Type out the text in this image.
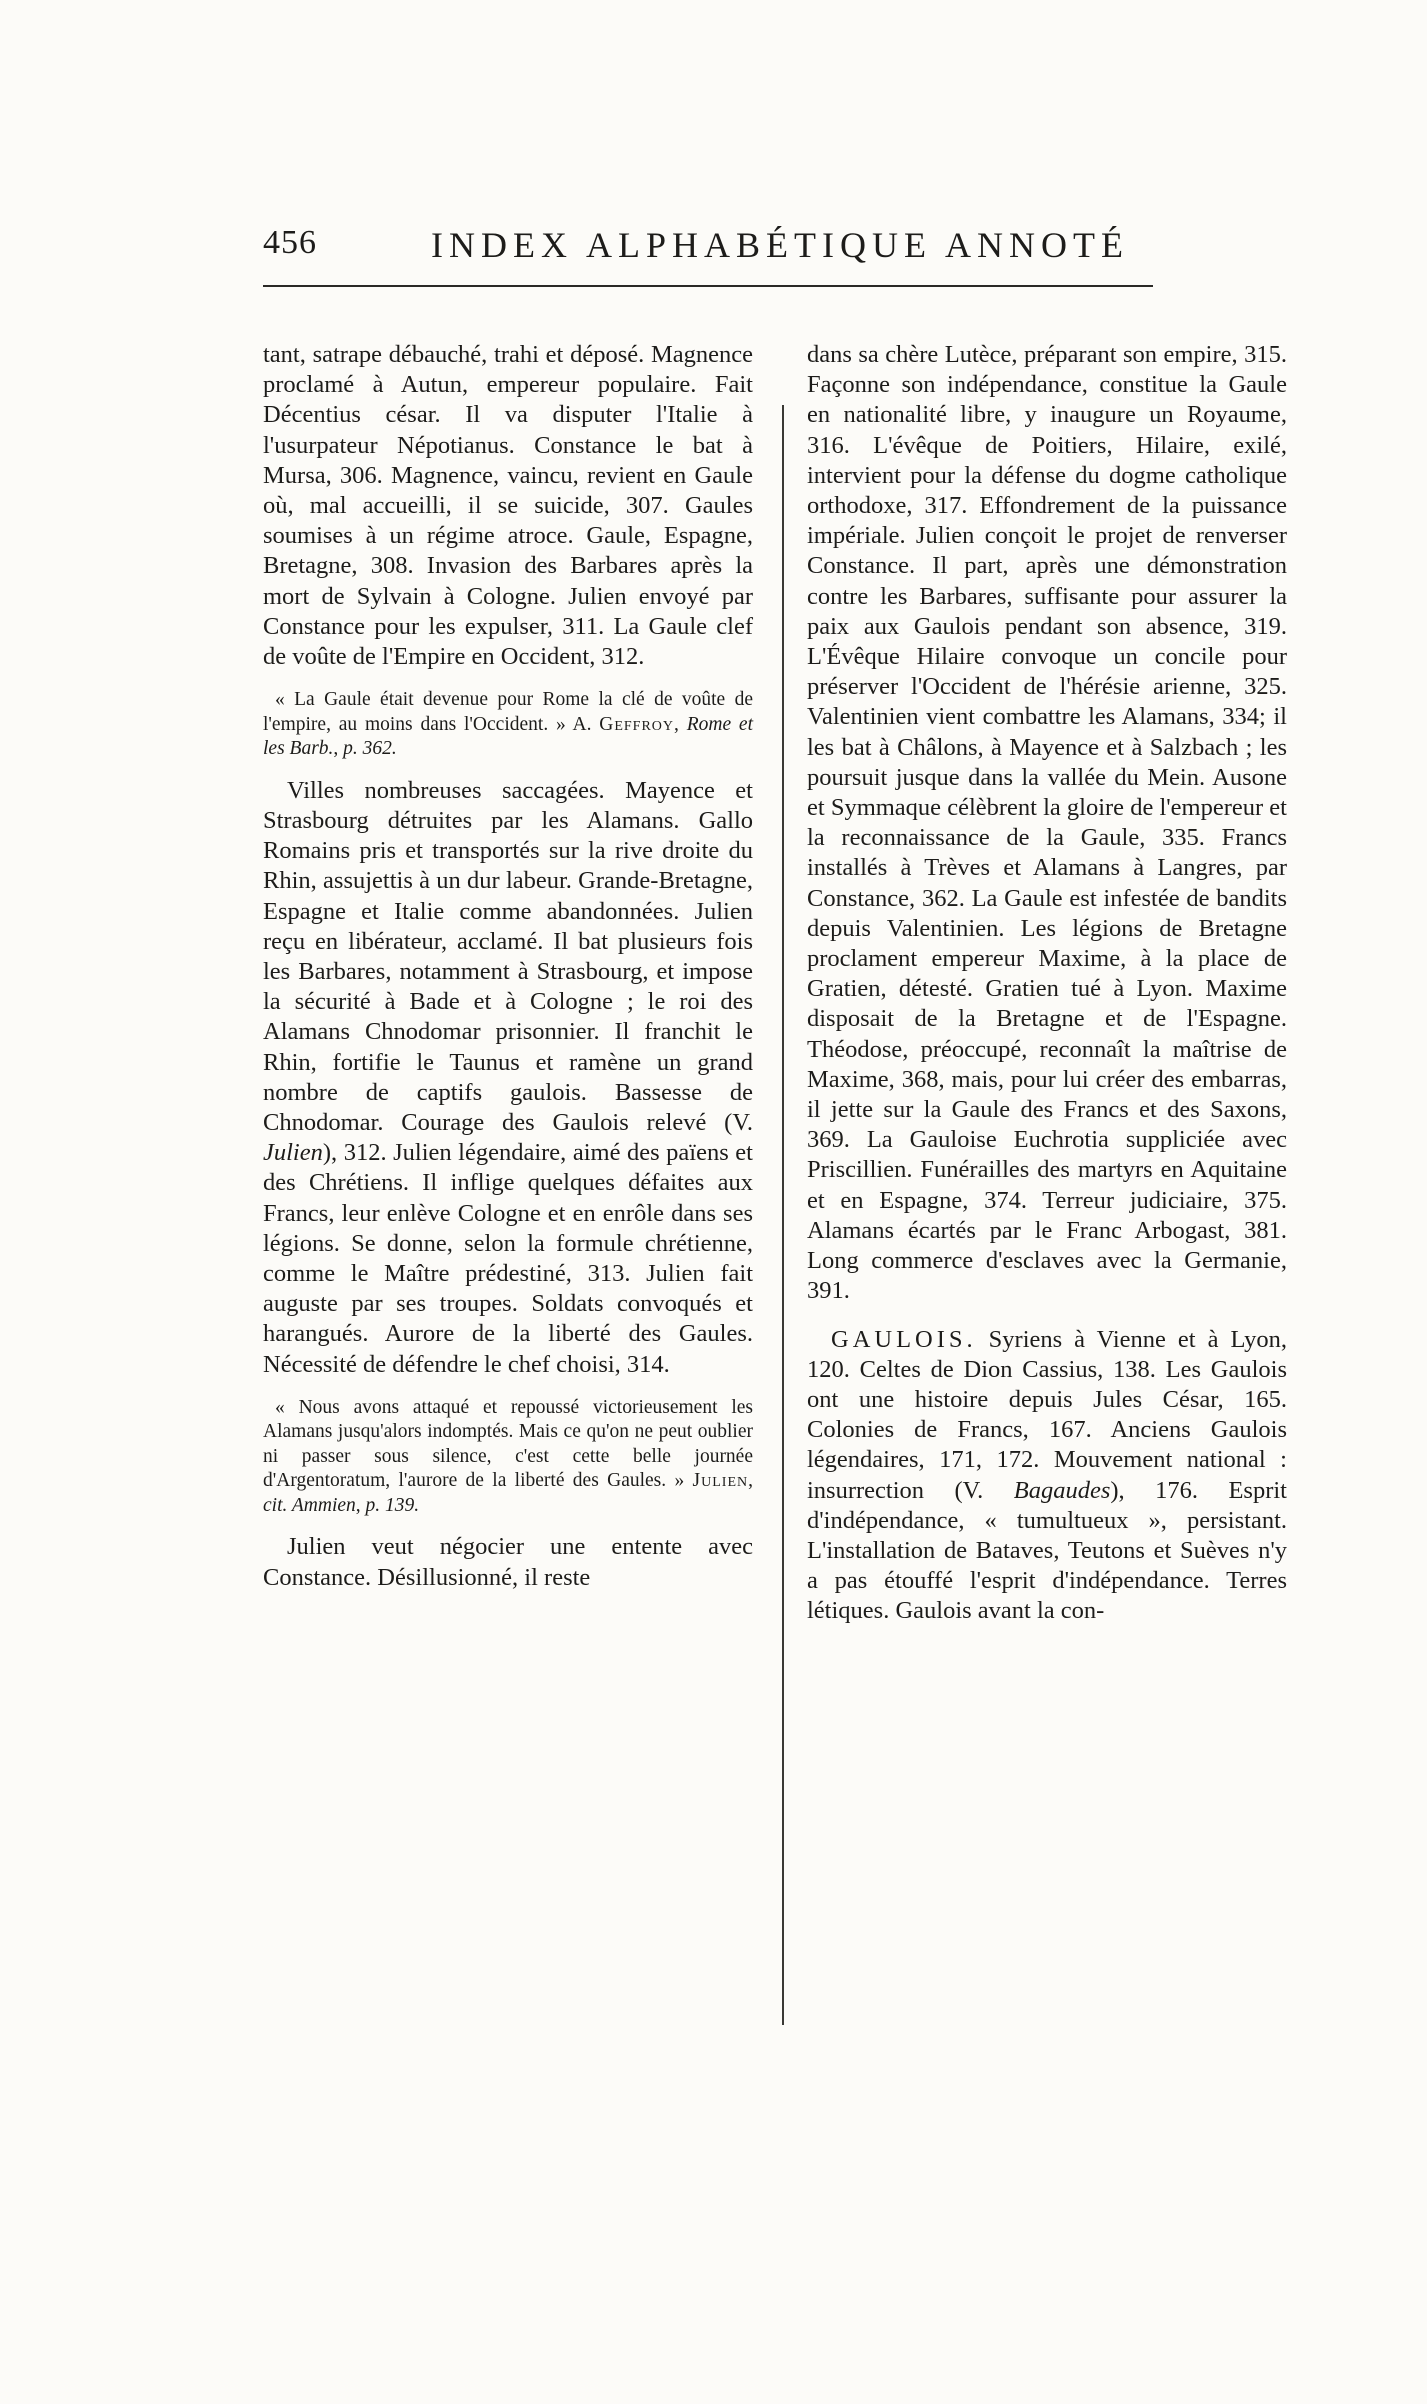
456	INDEX ALPHABÉTIQUE ANNOTÉ

tant, satrape débauché, trahi et déposé. Magnence proclamé à Autun, empereur populaire. Fait Décentius césar. Il va disputer l'Italie à l'usurpateur Népotianus. Constance le bat à Mursa, 306. Magnence, vaincu, revient en Gaule où, mal accueilli, il se suicide, 307. Gaules soumises à un régime atroce. Gaule, Espagne, Bretagne, 308. Invasion des Barbares après la mort de Sylvain à Cologne. Julien envoyé par Constance pour les expulser, 311. La Gaule clef de voûte de l'Empire en Occident, 312.

« La Gaule était devenue pour Rome la clé de voûte de l'empire, au moins dans l'Occident. » A. Geffroy, Rome et les Barb., p. 362.

Villes nombreuses saccagées. Mayence et Strasbourg détruites par les Alamans. Gallo Romains pris et transportés sur la rive droite du Rhin, assujettis à un dur labeur. Grande-Bretagne, Espagne et Italie comme abandonnées. Julien reçu en libérateur, acclamé. Il bat plusieurs fois les Barbares, notamment à Strasbourg, et impose la sécurité à Bade et à Cologne ; le roi des Alamans Chnodomar prisonnier. Il franchit le Rhin, fortifie le Taunus et ramène un grand nombre de captifs gaulois. Bassesse de Chnodomar. Courage des Gaulois relevé (V. Julien), 312. Julien légendaire, aimé des païens et des Chrétiens. Il inflige quelques défaites aux Francs, leur enlève Cologne et en enrôle dans ses légions. Se donne, selon la formule chrétienne, comme le Maître prédestiné, 313. Julien fait auguste par ses troupes. Soldats convoqués et harangués. Aurore de la liberté des Gaules. Nécessité de défendre le chef choisi, 314.

« Nous avons attaqué et repoussé victorieusement les Alamans jusqu'alors indomptés. Mais ce qu'on ne peut oublier ni passer sous silence, c'est cette belle journée d'Argentoratum, l'aurore de la liberté des Gaules. » Julien, cit. Ammien, p. 139.

Julien veut négocier une entente avec Constance. Désillusionné, il reste

dans sa chère Lutèce, préparant son empire, 315. Façonne son indépendance, constitue la Gaule en nationalité libre, y inaugure un Royaume, 316. L'évêque de Poitiers, Hilaire, exilé, intervient pour la défense du dogme catholique orthodoxe, 317. Effondrement de la puissance impériale. Julien conçoit le projet de renverser Constance. Il part, après une démonstration contre les Barbares, suffisante pour assurer la paix aux Gaulois pendant son absence, 319. L'Évêque Hilaire convoque un concile pour préserver l'Occident de l'hérésie arienne, 325. Valentinien vient combattre les Alamans, 334; il les bat à Châlons, à Mayence et à Salzbach ; les poursuit jusque dans la vallée du Mein. Ausone et Symmaque célèbrent la gloire de l'empereur et la reconnaissance de la Gaule, 335. Francs installés à Trèves et Alamans à Langres, par Constance, 362. La Gaule est infestée de bandits depuis Valentinien. Les légions de Bretagne proclament empereur Maxime, à la place de Gratien, détesté. Gratien tué à Lyon. Maxime disposait de la Bretagne et de l'Espagne. Théodose, préoccupé, reconnaît la maîtrise de Maxime, 368, mais, pour lui créer des embarras, il jette sur la Gaule des Francs et des Saxons, 369. La Gauloise Euchrotia suppliciée avec Priscillien. Funérailles des martyrs en Aquitaine et en Espagne, 374. Terreur judiciaire, 375. Alamans écartés par le Franc Arbogast, 381. Long commerce d'esclaves avec la Germanie, 391.

GAULOIS. Syriens à Vienne et à Lyon, 120. Celtes de Dion Cassius, 138. Les Gaulois ont une histoire depuis Jules César, 165. Colonies de Francs, 167. Anciens Gaulois légendaires, 171, 172. Mouvement national : insurrection (V. Bagaudes), 176. Esprit d'indépendance, « tumultueux », persistant. L'installation de Bataves, Teutons et Suèves n'y a pas étouffé l'esprit d'indépendance. Terres létiques. Gaulois avant la con-
